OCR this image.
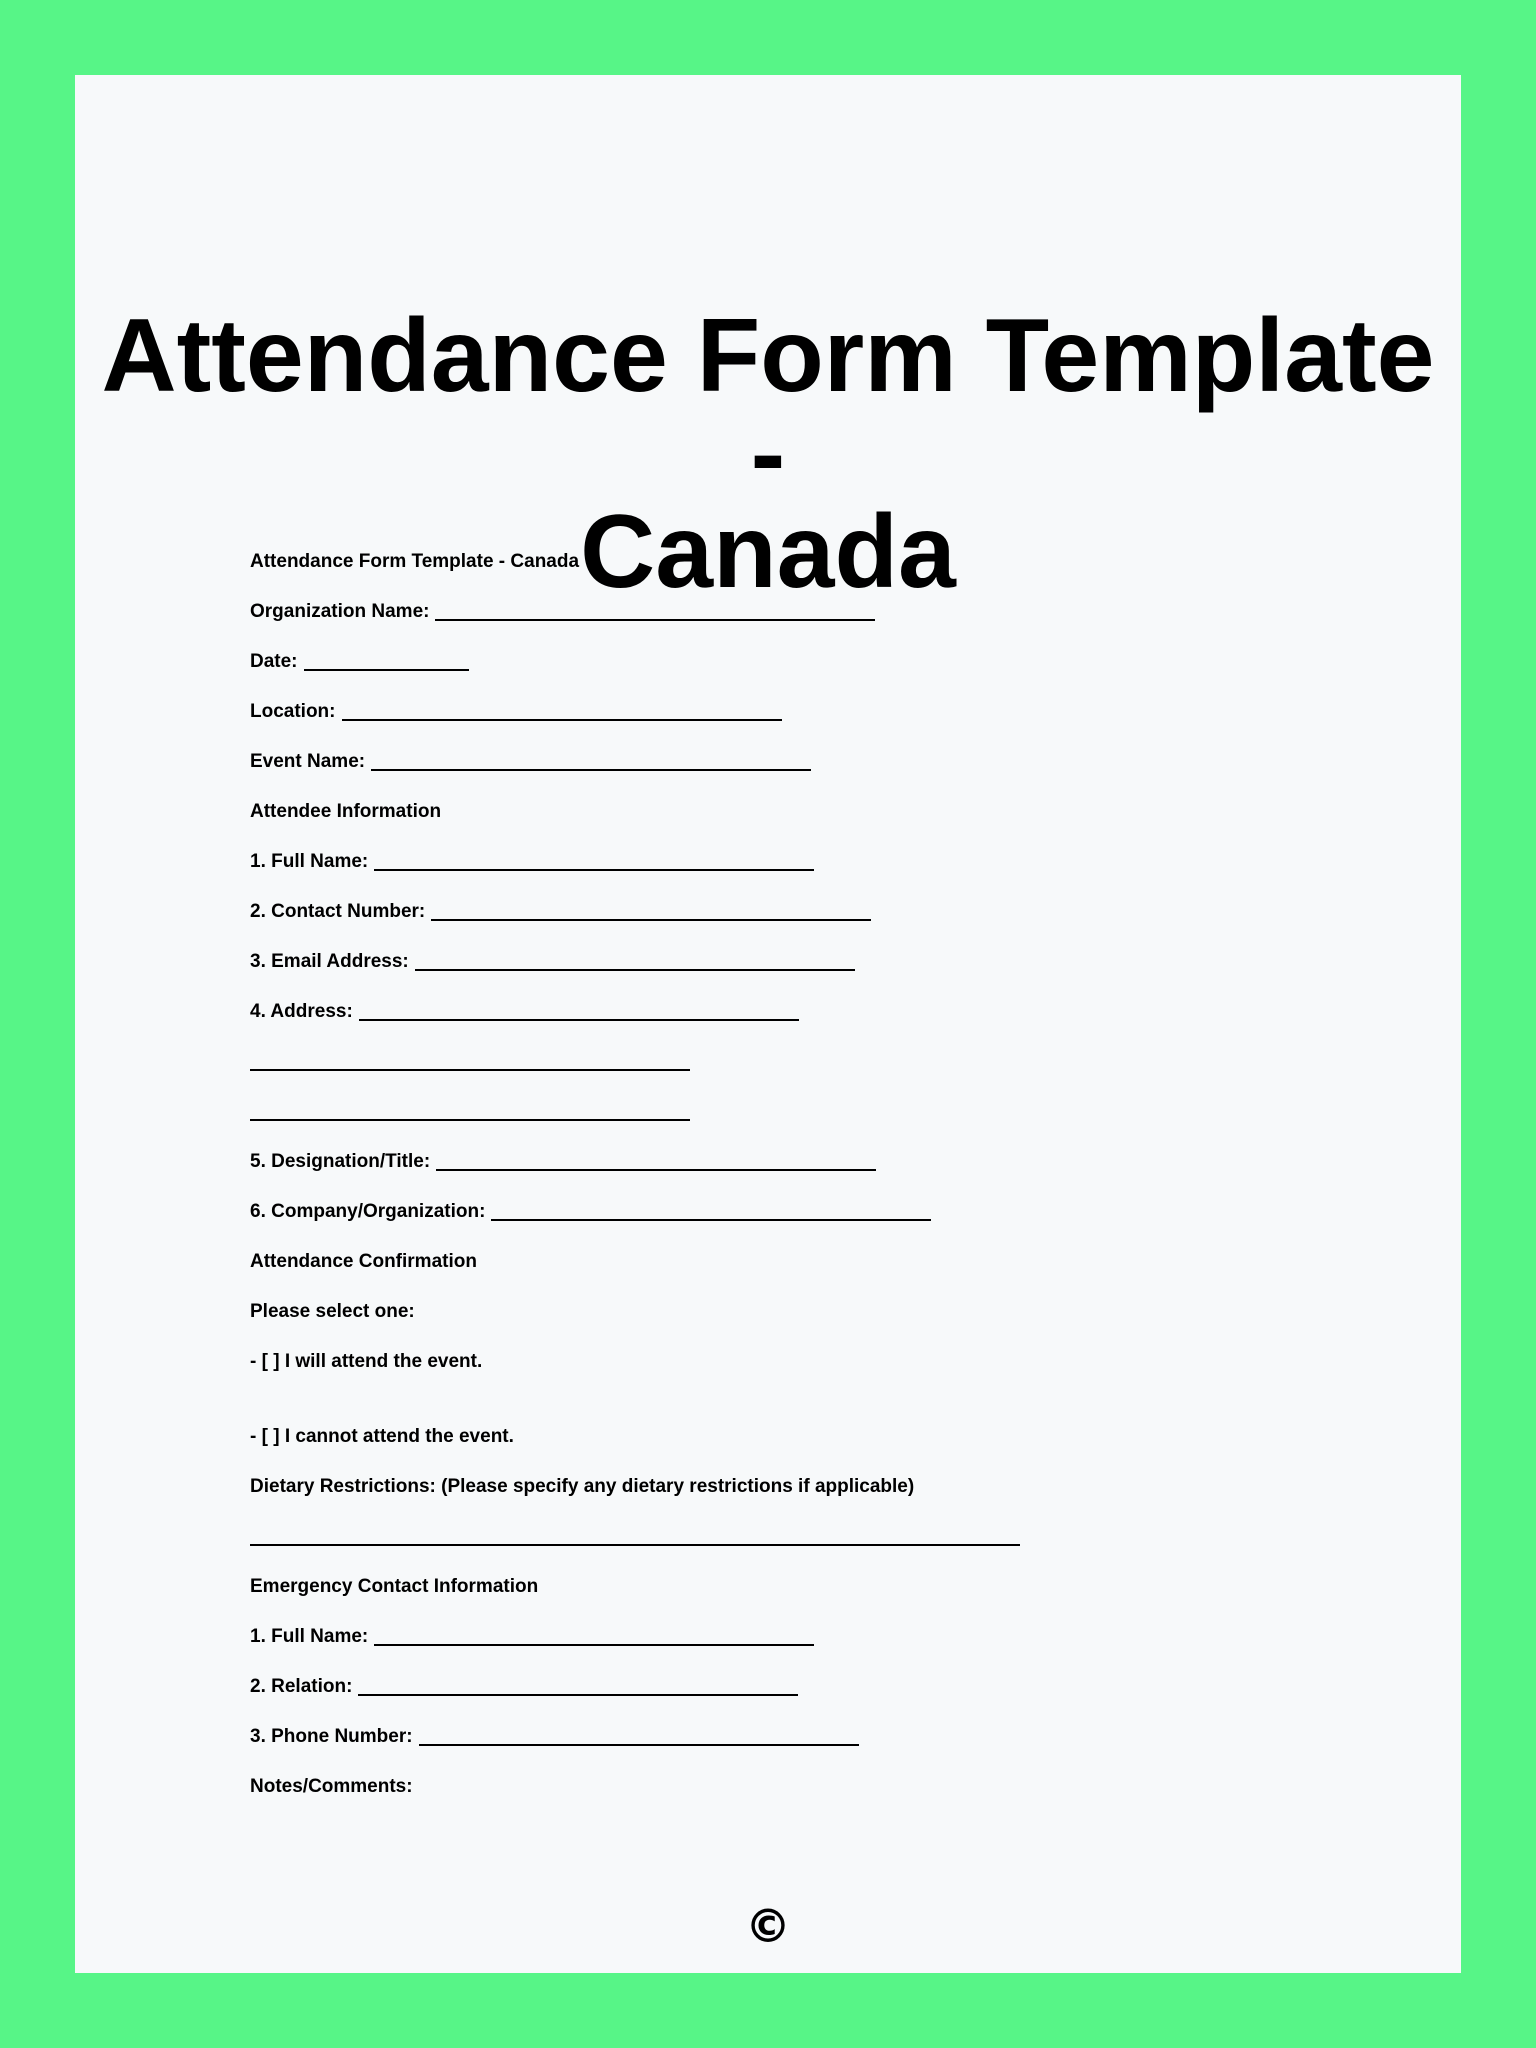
Attendance Form Template -
Canada
Attendance Form Template - Canada
Organization Name:
Date:
Location:
Event Name:
Attendee Information
1. Full Name:
2. Contact Number:
3. Email Address:
4. Address:
5. Designation/Title:
6. Company/Organization:
Attendance Confirmation
Please select one:
- [ ] I will attend the event.
- [ ] I cannot attend the event.
Dietary Restrictions: (Please specify any dietary restrictions if applicable)
Emergency Contact Information
1. Full Name:
2. Relation:
3. Phone Number:
Notes/Comments:
©
